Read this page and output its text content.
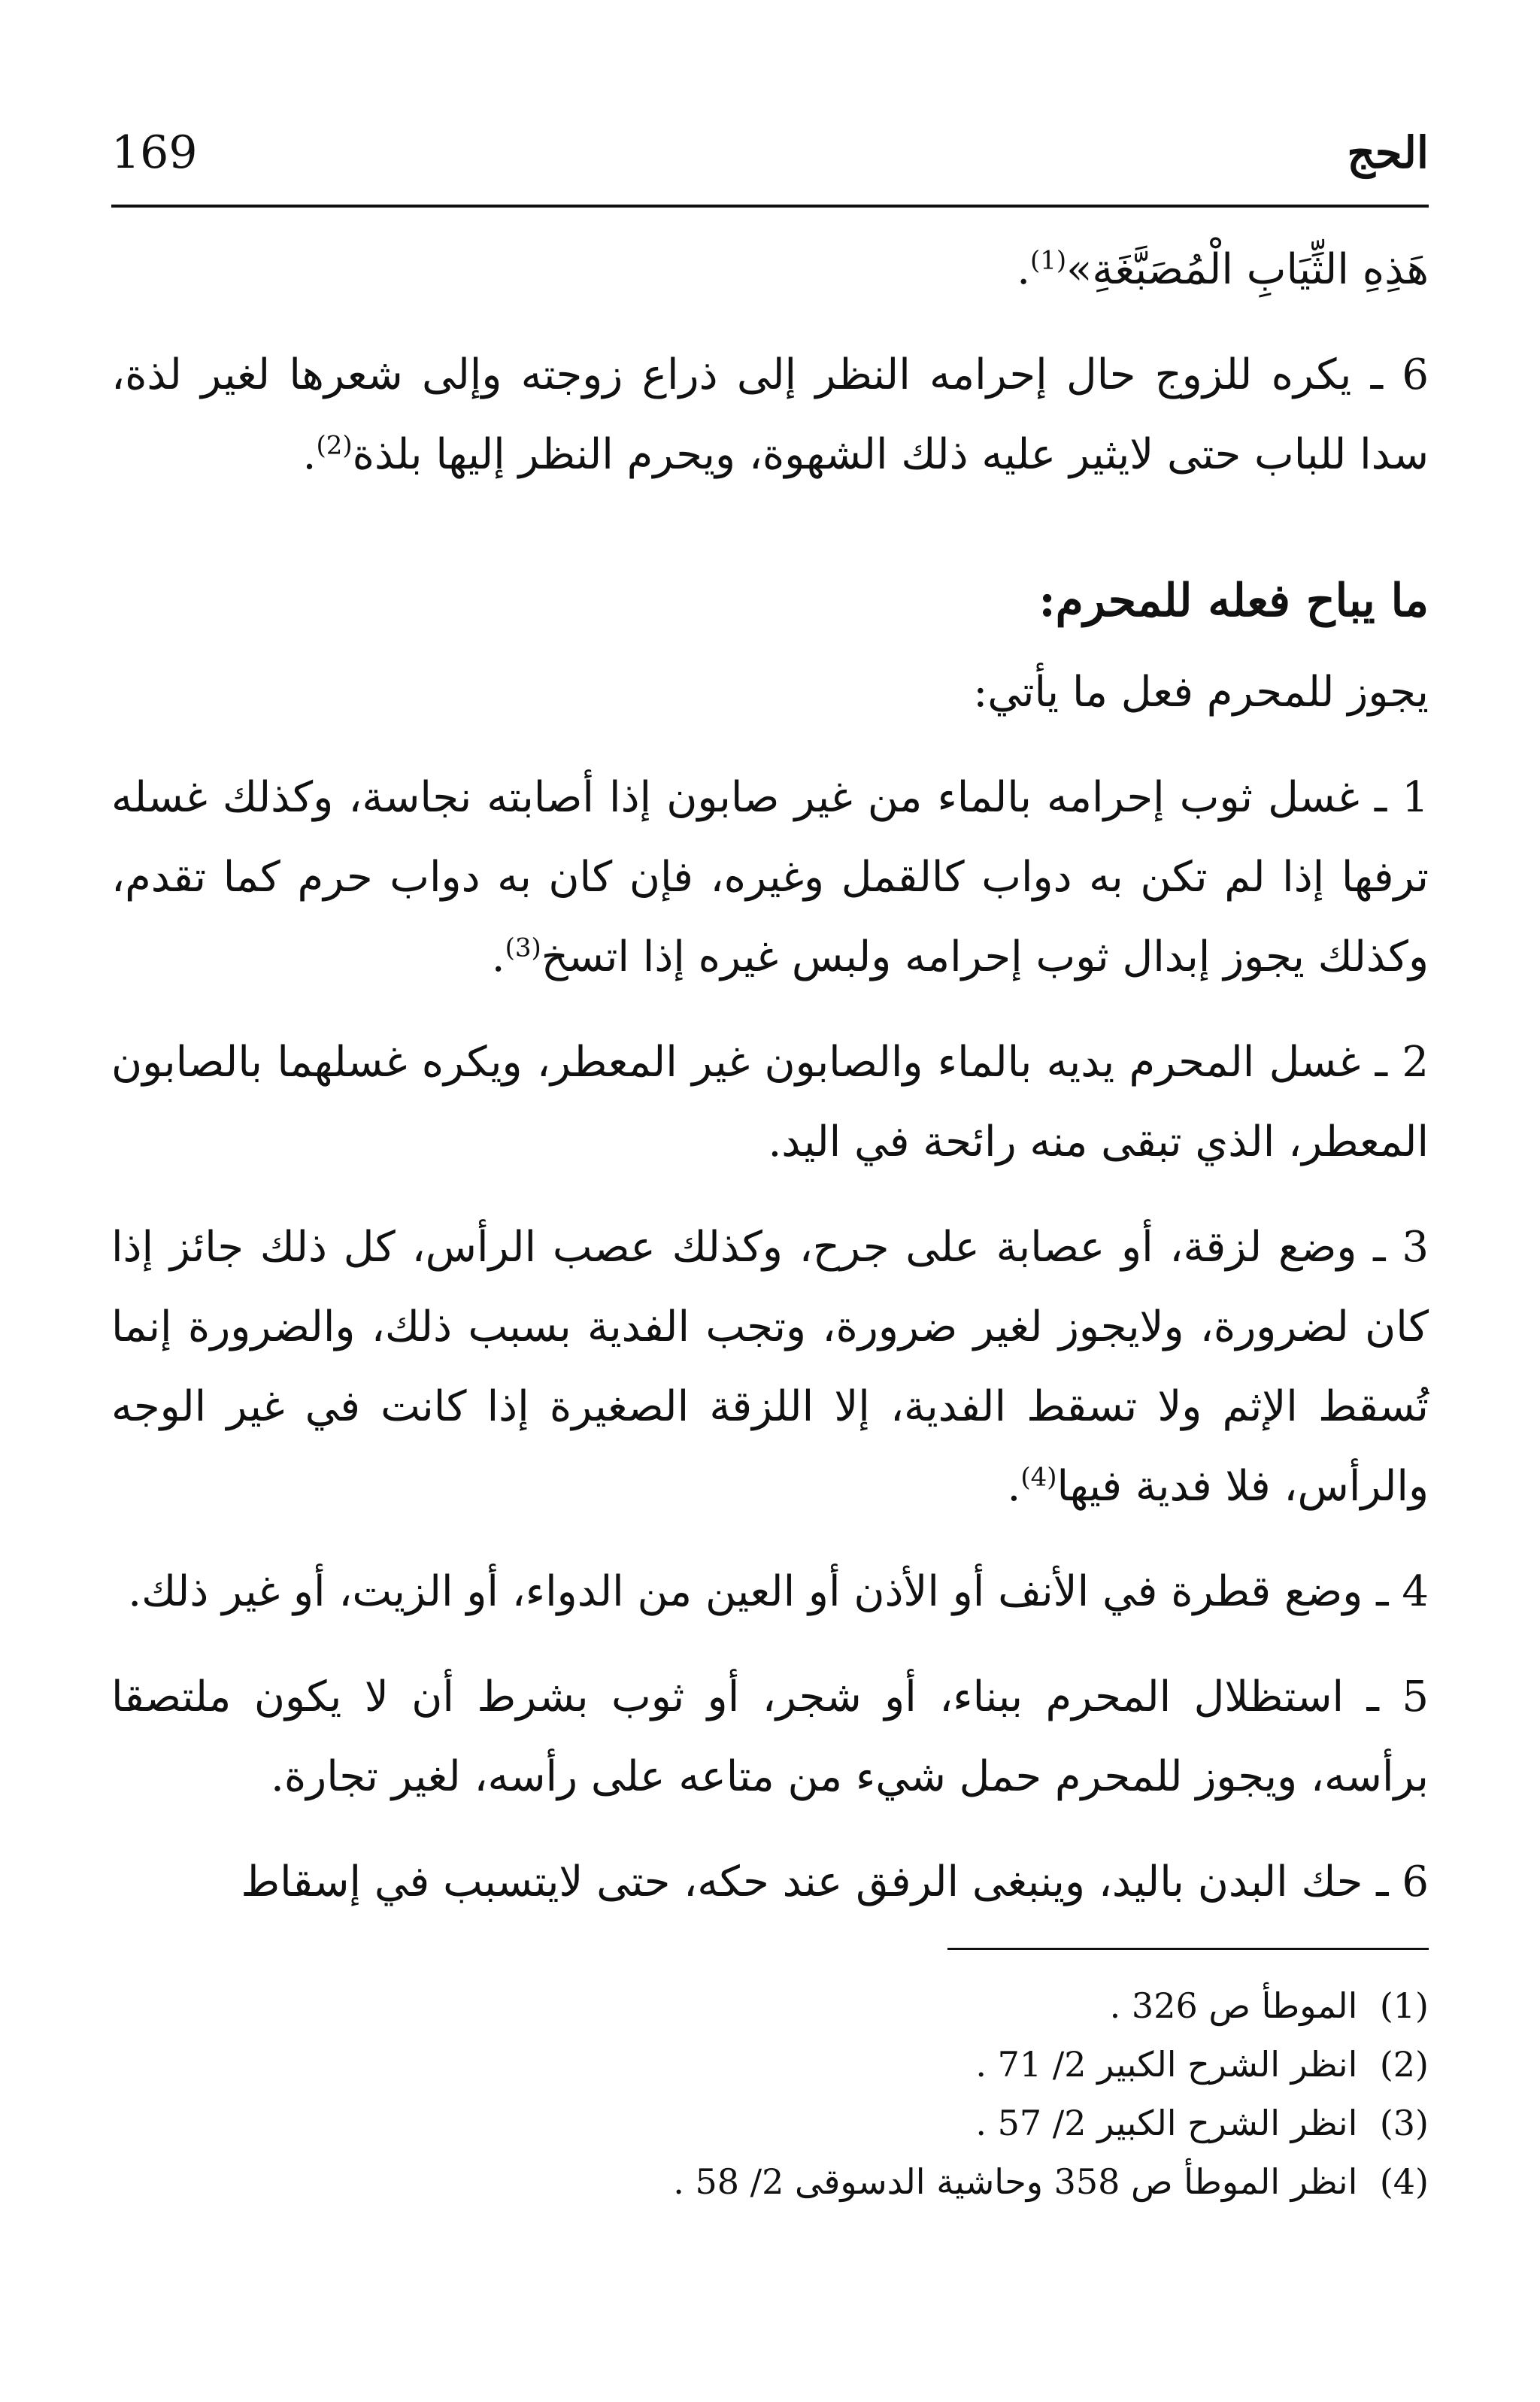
169	الحج

هَذِهِ الثِّيَابِ الْمُصَبَّغَةِ»$^{(1)}$.

6 ـ يكره للزوج حال إحرامه النظر إلى ذراع زوجته وإلى شعرها لغير لذة، سدا للباب حتى لايثير عليه ذلك الشهوة، ويحرم النظر إليها بلذة$^{(2)}$.

ما يباح فعله للمحرم:

يجوز للمحرم فعل ما يأتي:

1 ـ غسل ثوب إحرامه بالماء من غير صابون إذا أصابته نجاسة، وكذلك غسله ترفها إذا لم تكن به دواب كالقمل وغيره، فإن كان به دواب حرم كما تقدم، وكذلك يجوز إبدال ثوب إحرامه ولبس غيره إذا اتسخ$^{(3)}$.

2 ـ غسل المحرم يديه بالماء والصابون غير المعطر، ويكره غسلهما بالصابون المعطر، الذي تبقى منه رائحة في اليد.

3 ـ وضع لزقة، أو عصابة على جرح، وكذلك عصب الرأس، كل ذلك جائز إذا كان لضرورة، ولايجوز لغير ضرورة، وتجب الفدية بسبب ذلك، والضرورة إنما تُسقط الإثم ولا تسقط الفدية، إلا اللزقة الصغيرة إذا كانت في غير الوجه والرأس، فلا فدية فيها$^{(4)}$.

4 ـ وضع قطرة في الأنف أو الأذن أو العين من الدواء، أو الزيت، أو غير ذلك.

5 ـ استظلال المحرم ببناء، أو شجر، أو ثوب بشرط أن لا يكون ملتصقا برأسه، ويجوز للمحرم حمل شيء من متاعه على رأسه، لغير تجارة.

6 ـ حك البدن باليد، وينبغى الرفق عند حكه، حتى لايتسبب في إسقاط

(1) الموطأ ص 326 .
(2) انظر الشرح الكبير 2/ 71 .
(3) انظر الشرح الكبير 2/ 57 .
(4) انظر الموطأ ص 358 وحاشية الدسوقى 2/ 58 .
